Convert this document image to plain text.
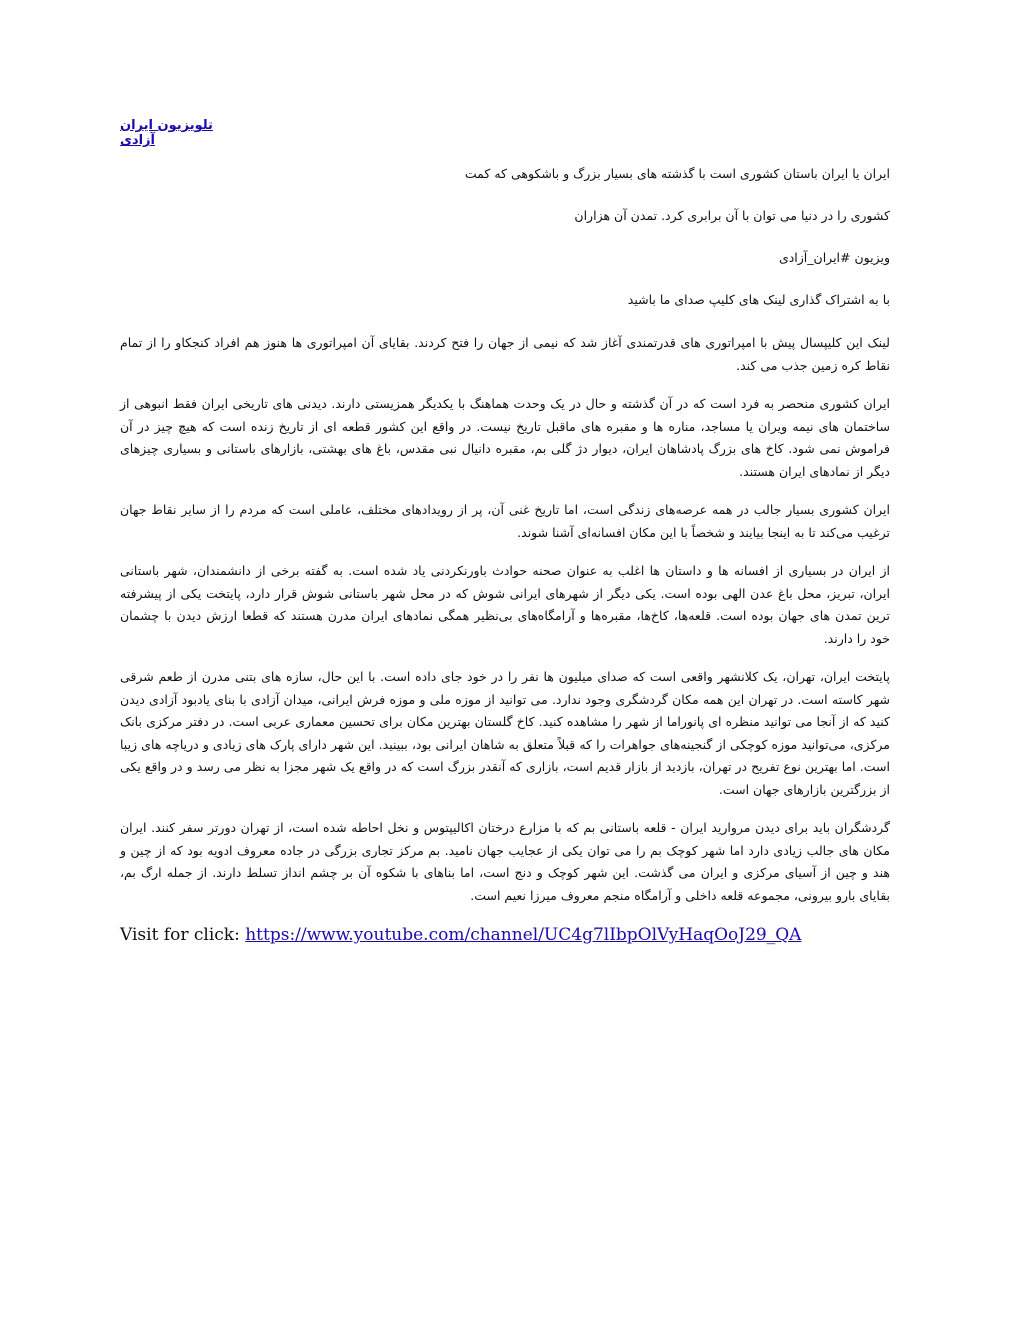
تلویزیون ایران آزادی
ایران یا ایران باستان کشوری است با گذشته های بسیار بزرگ و باشکوهی که کمت
کشوری را در دنیا می توان با آن برابری کرد. تمدن آن هزاران
ویزیون #ایران_آزادی
با به اشتراک گذاری لینک های کلیپ صدای ما باشید

لینک این کلیپسال پیش با امپراتوری های قدرتمندی آغاز شد که نیمی از جهان را فتح کردند. بقایای آن امپراتوری ها هنوز هم افراد کنجکاو را از تمام نقاط کره زمین جذب می کند.

ایران کشوری منحصر به فرد است که در آن گذشته و حال در یک وحدت هماهنگ با یکدیگر همزیستی دارند. دیدنی های تاریخی ایران فقط انبوهی از ساختمان های نیمه ویران یا مساجد، مناره ها و مقبره های ماقبل تاریخ نیست. در واقع این کشور قطعه ای از تاریخ زنده است که هیچ چیز در آن فراموش نمی شود. کاخ های بزرگ پادشاهان ایران، دیوار دژ گلی بم، مقبره دانیال نبی مقدس، باغ های بهشتی، بازارهای باستانی و بسیاری چیزهای دیگر از نمادهای ایران هستند.

ایران کشوری بسیار جالب در همه عرصه‌های زندگی است، اما تاریخ غنی آن، پر از رویدادهای مختلف، عاملی است که مردم را از سایر نقاط جهان ترغیب می‌کند تا به اینجا بیایند و شخصاً با این مکان افسانه‌ای آشنا شوند.

از ایران در بسیاری از افسانه ها و داستان ها اغلب به عنوان صحنه حوادث باورنکردنی یاد شده است. به گفته برخی از دانشمندان، شهر باستانی ایران، تبریز، محل باغ عدن الهی بوده است. یکی دیگر از شهرهای ایرانی شوش که در محل شهر باستانی شوش قرار دارد، پایتخت یکی از پیشرفته ترین تمدن های جهان بوده است. قلعه‌ها، کاخ‌ها، مقبره‌ها و آرامگاه‌های بی‌نظیر همگی نمادهای ایران مدرن هستند که قطعا ارزش دیدن با چشمان خود را دارند.

پایتخت ایران، تهران، یک کلانشهر واقعی است که صدای میلیون ها نفر را در خود جای داده است. با این حال، سازه های بتنی مدرن از طعم شرقی شهر کاسته است. در تهران این همه مکان گردشگری وجود ندارد. می توانید از موزه ملی و موزه فرش ایرانی، میدان آزادی با بنای یادبود آزادی دیدن کنید که از آنجا می توانید منظره ای پانوراما از شهر را مشاهده کنید. کاخ گلستان بهترین مکان برای تحسین معماری عربی است. در دفتر مرکزی بانک مرکزی، می‌توانید موزه کوچکی از گنجینه‌های جواهرات را که قبلاً متعلق به شاهان ایرانی بود، ببینید. این شهر دارای پارک های زیادی و دریاچه های زیبا است. اما بهترین نوع تفریح در تهران، بازدید از بازار قدیم است، بازاری که آنقدر بزرگ است که در واقع یک شهر مجزا به نظر می رسد و در واقع یکی از بزرگترین بازارهای جهان است.

گردشگران باید برای دیدن مروارید ایران - قلعه باستانی بم که با مزارع درختان اکالیپتوس و نخل احاطه شده است، از تهران دورتر سفر کنند. ایران مکان های جالب زیادی دارد اما شهر کوچک بم را می توان یکی از عجایب جهان نامید. بم مرکز تجاری بزرگی در جاده معروف ادویه بود که از چین و هند و چین از آسیای مرکزی و ایران می گذشت. این شهر کوچک و دنج است، اما بناهای با شکوه آن بر چشم انداز تسلط دارند. از جمله ارگ بم، بقایای بارو بیرونی، مجموعه قلعه داخلی و آرامگاه منجم معروف میرزا نعیم است.

Visit for click: https://www.youtube.com/channel/UC4g7lIbpOlVyHaqOoJ29_QA
